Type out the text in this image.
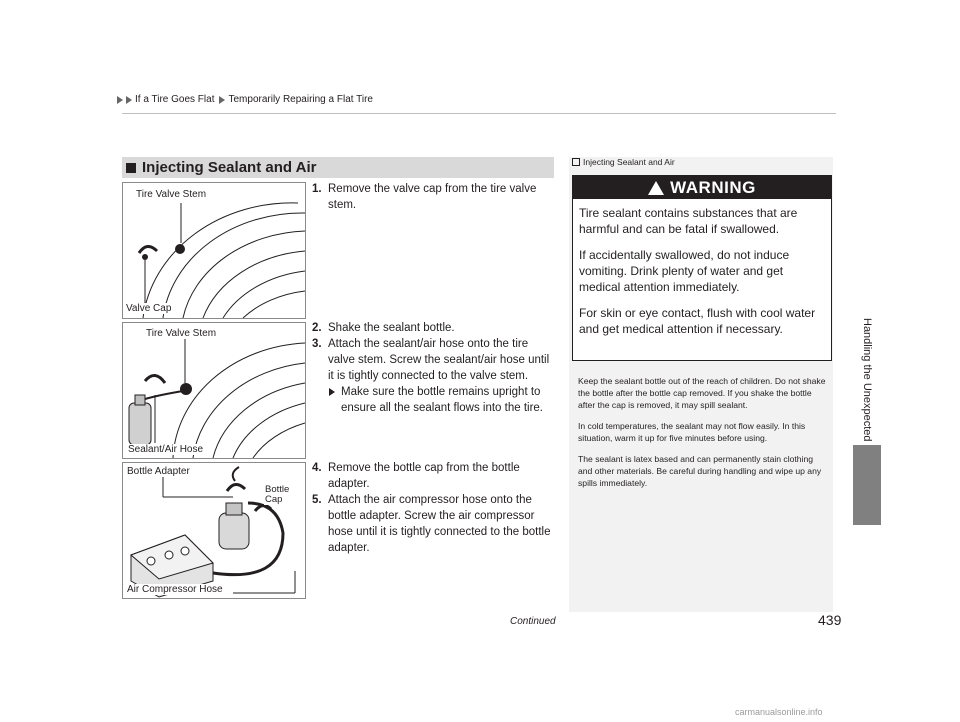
If a Tire Goes Flat Temporarily Repairing a Flat Tire
Handling the Unexpected
Injecting Sealant and Air
Tire Valve Stem
Valve Cap
Tire Valve Stem
Sealant/Air Hose
Bottle Adapter
Bottle
Cap
Air Compressor Hose
1. Remove the valve cap from the tire valve stem.
2. Shake the sealant bottle.
3. Attach the sealant/air hose onto the tire valve stem. Screw the sealant/air hose until it is tightly connected to the valve stem.
Make sure the bottle remains upright to ensure all the sealant flows into the tire.
4. Remove the bottle cap from the bottle adapter.
5. Attach the air compressor hose onto the bottle adapter. Screw the air compressor hose until it is tightly connected to the bottle adapter.
Injecting Sealant and Air
WARNING

Tire sealant contains substances that are harmful and can be fatal if swallowed.

If accidentally swallowed, do not induce vomiting. Drink plenty of water and get medical attention immediately.

For skin or eye contact, flush with cool water and get medical attention if necessary.

Keep the sealant bottle out of the reach of children. Do not shake the bottle after the bottle cap removed. If you shake the bottle after the cap is removed, it may spill sealant.

In cold temperatures, the sealant may not flow easily. In this situation, warm it up for five minutes before using.

The sealant is latex based and can permanently stain clothing and other materials. Be careful during handling and wipe up any spills immediately.

Continued	439
carmanualsonline.info
